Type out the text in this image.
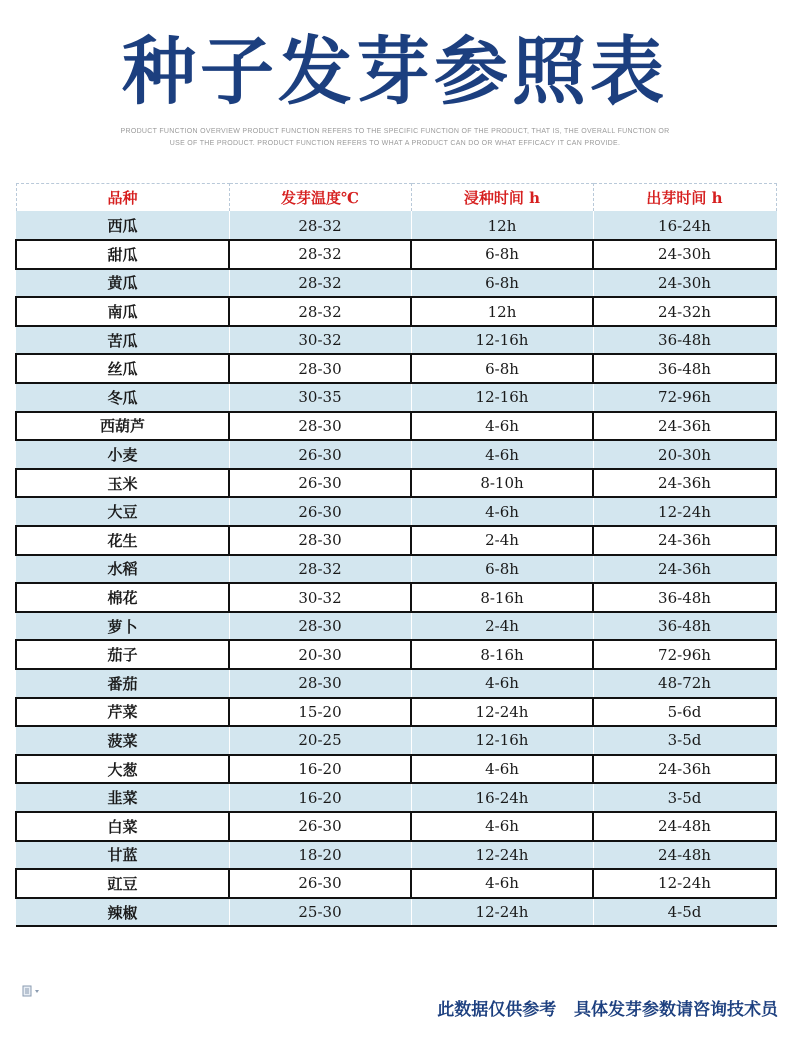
种子发芽参照表
PRODUCT FUNCTION OVERVIEW PRODUCT FUNCTION REFERS TO THE SPECIFIC FUNCTION OF THE PRODUCT, THAT IS, THE OVERALL FUNCTION OR
USE OF THE PRODUCT. PRODUCT FUNCTION REFERS TO WHAT A PRODUCT CAN DO OR WHAT EFFICACY IT CAN PROVIDE.
品种	发芽温度℃	浸种时间 h	出芽时间 h
西瓜	28-32	12h	16-24h
甜瓜	28-32	6-8h	24-30h
黄瓜	28-32	6-8h	24-30h
南瓜	28-32	12h	24-32h
苦瓜	30-32	12-16h	36-48h
丝瓜	28-30	6-8h	36-48h
冬瓜	30-35	12-16h	72-96h
西葫芦	28-30	4-6h	24-36h
小麦	26-30	4-6h	20-30h
玉米	26-30	8-10h	24-36h
大豆	26-30	4-6h	12-24h
花生	28-30	2-4h	24-36h
水稻	28-32	6-8h	24-36h
棉花	30-32	8-16h	36-48h
萝卜	28-30	2-4h	36-48h
茄子	20-30	8-16h	72-96h
番茄	28-30	4-6h	48-72h
芹菜	15-20	12-24h	5-6d
菠菜	20-25	12-16h	3-5d
大葱	16-20	4-6h	24-36h
韭菜	16-20	16-24h	3-5d
白菜	26-30	4-6h	24-48h
甘蓝	18-20	12-24h	24-48h
豇豆	26-30	4-6h	12-24h
辣椒	25-30	12-24h	4-5d
此数据仅供参考   具体发芽参数请咨询技术员
